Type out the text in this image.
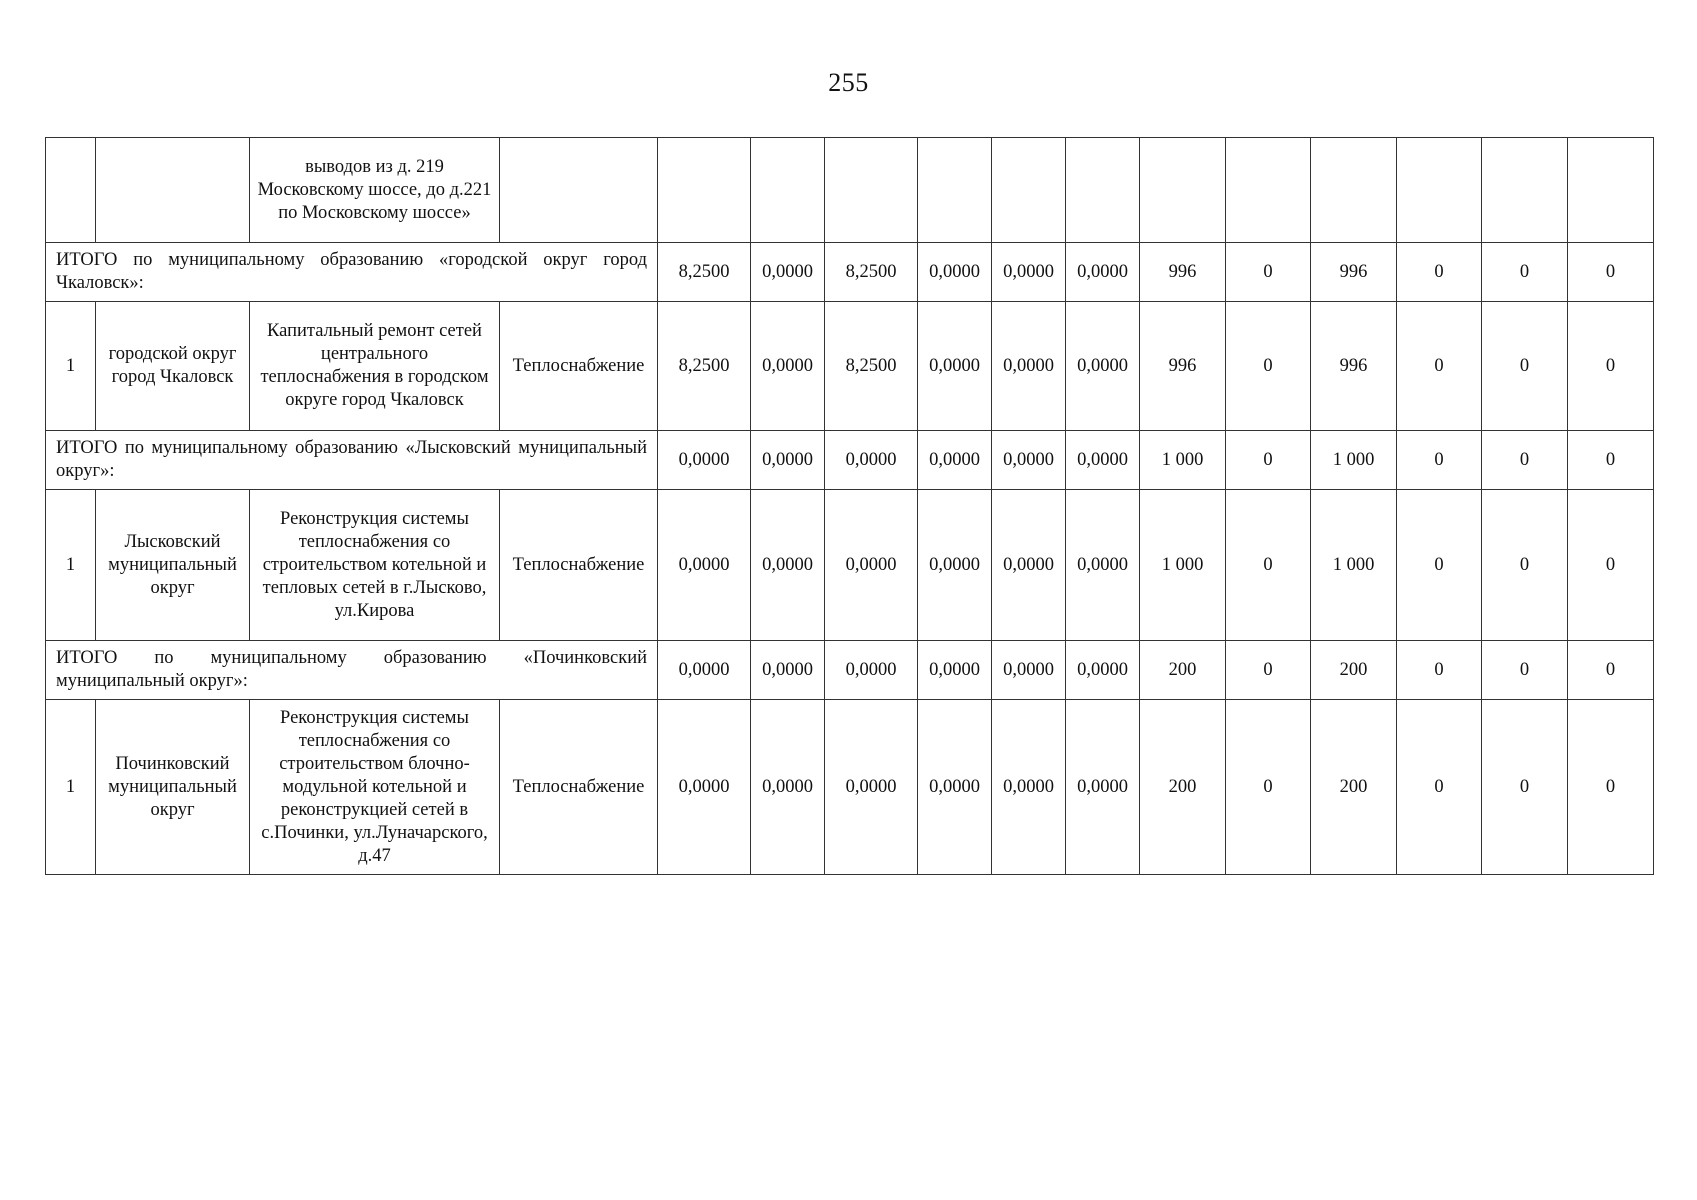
255
		выводов из д. 219 Московскому шоссе, до д.221 по Московскому шоссе»													
ИТОГО по муниципальному образованию «городской округ город Чкаловск»:				8,2500	0,0000	8,2500	0,0000	0,0000	0,0000	996	0	996	0	0	0
1	городской округ город Чкаловск	Капитальный ремонт сетей центрального теплоснабжения в городском округе город Чкаловск	Теплоснабжение	8,2500	0,0000	8,2500	0,0000	0,0000	0,0000	996	0	996	0	0	0
ИТОГО по муниципальному образованию «Лысковский муниципальный округ»:				0,0000	0,0000	0,0000	0,0000	0,0000	0,0000	1 000	0	1 000	0	0	0
1	Лысковский муниципальный округ	Реконструкция системы теплоснабжения со строительством котельной и тепловых сетей в г.Лысково, ул.Кирова	Теплоснабжение	0,0000	0,0000	0,0000	0,0000	0,0000	0,0000	1 000	0	1 000	0	0	0
ИТОГО по муниципальному образованию «Починковский муниципальный округ»:				0,0000	0,0000	0,0000	0,0000	0,0000	0,0000	200	0	200	0	0	0
1	Починковский муниципальный округ	Реконструкция системы теплоснабжения со строительством блочно-модульной котельной и реконструкцией сетей в с.Починки, ул.Луначарского, д.47	Теплоснабжение	0,0000	0,0000	0,0000	0,0000	0,0000	0,0000	200	0	200	0	0	0
